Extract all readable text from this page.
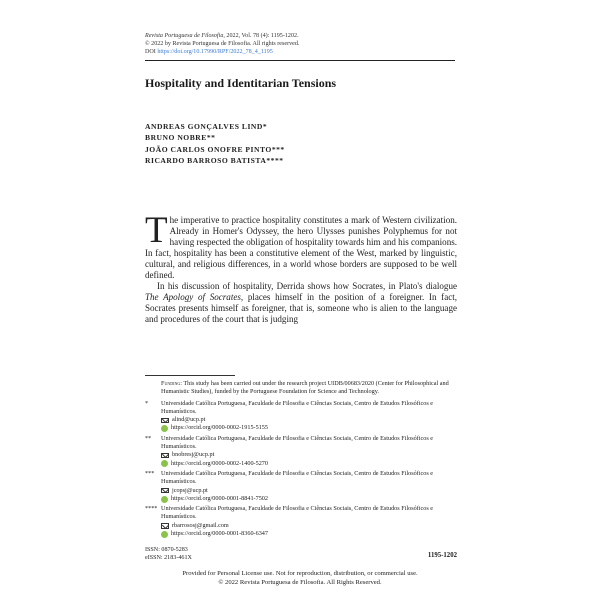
Revista Portuguesa de Filosofia, 2022, Vol. 78 (4): 1195-1202.
© 2022 by Revista Portuguesa de Filosofia. All rights reserved.
DOI https://doi.org/10.17990/RPF/2022_78_4_1195
Hospitality and Identitarian Tensions
ANDREAS GONÇALVES LIND*
BRUNO NOBRE**
JOÃO CARLOS ONOFRE PINTO***
RICARDO BARROSO BATISTA****

The imperative to practice hospitality constitutes a mark of Western civilization. Already in Homer's Odyssey, the hero Ulysses punishes Polyphemus for not having respected the obligation of hospitality towards him and his companions. In fact, hospitality has been a constitutive element of the West, marked by linguistic, cultural, and religious differences, in a world whose borders are supposed to be well defined.

In his discussion of hospitality, Derrida shows how Socrates, in Plato's dialogue The Apology of Socrates, places himself in the position of a foreigner. In fact, Socrates presents himself as foreigner, that is, someone who is alien to the language and procedures of the court that is judging

Funding: This study has been carried out under the research project UIDB/00683/2020 (Center for Philosophical and Humanistic Studies), funded by the Portuguese Foundation for Science and Technology.
* Universidade Católica Portuguesa, Faculdade de Filosofia e Ciências Sociais, Centro de Estudos Filosóficos e Humanísticos.
alind@ucp.pt
https://orcid.org/0000-0002-1915-5155
** Universidade Católica Portuguesa, Faculdade de Filosofia e Ciências Sociais, Centro de Estudos Filosóficos e Humanísticos.
bnobresj@ucp.pt
https://orcid.org/0000-0002-1400-5270
*** Universidade Católica Portuguesa, Faculdade de Filosofia e Ciências Sociais, Centro de Estudos Filosóficos e Humanísticos.
jcopsj@ucp.pt
https://orcid.org/0000-0001-8841-7502
**** Universidade Católica Portuguesa, Faculdade de Filosofia e Ciências Sociais, Centro de Estudos Filosóficos e Humanísticos.
rbarrososj@gmail.com
https://orcid.org/0000-0001-8360-6347
ISSN: 0870-5283
eISSN: 2183-461X	1195-1202
Provided for Personal License use. Not for reproduction, distribution, or commercial use.
© 2022 Revista Portuguesa de Filosofia. All Rights Reserved.
